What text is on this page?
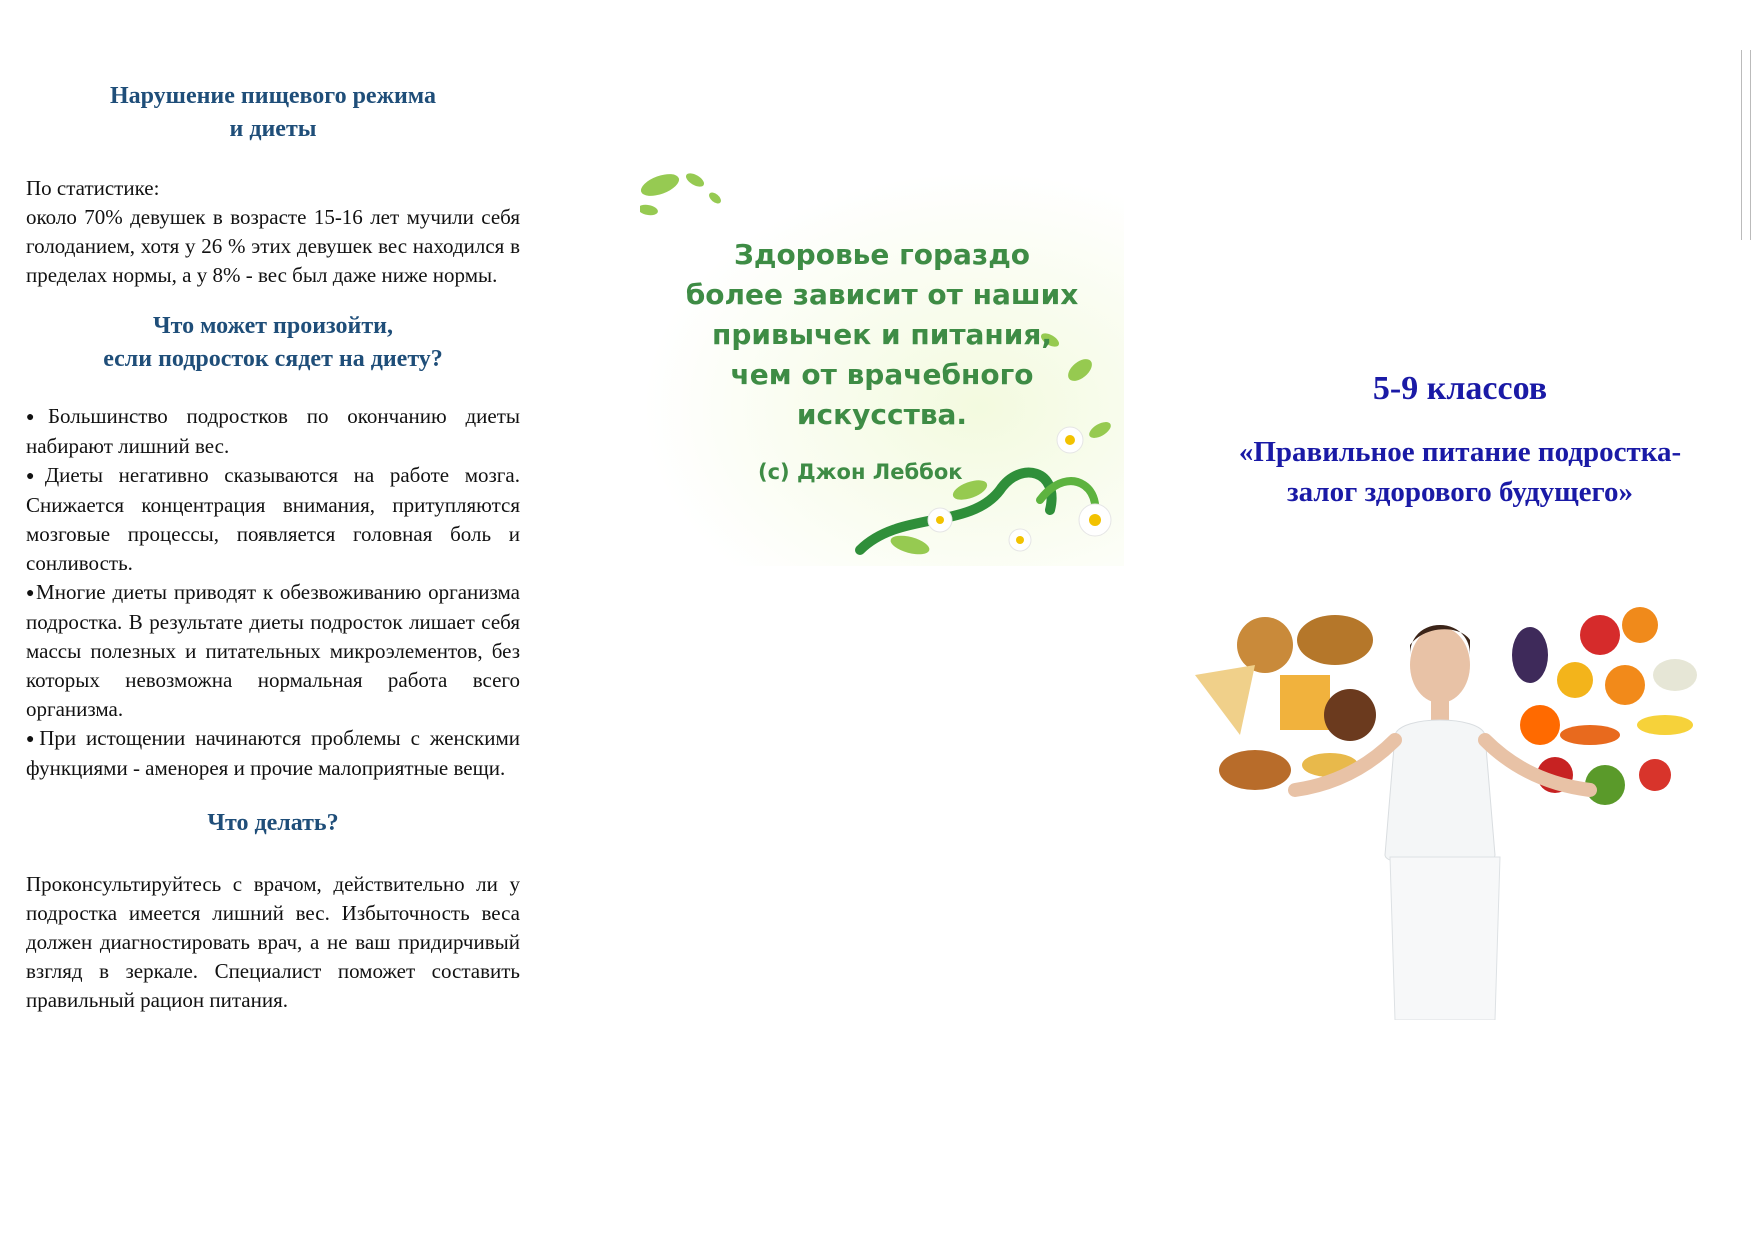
Нарушение пищевого режима
и диеты

По статистике:

около 70% девушек в возрасте 15-16 лет мучили себя голоданием, хотя у 26 % этих девушек вес находился в пределах нормы, а у 8% - вес был даже ниже нормы.

Что может произойти,
если подросток сядет на диету?

●Большинство подростков по окончанию диеты набирают лишний вес.
●Диеты негативно сказываются на работе мозга. Снижается концентрация внимания, притупляются мозговые процессы, появляется головная боль и сонливость.
●Многие диеты приводят к обезвоживанию организма подростка. В результате диеты подросток лишает себя массы полезных и питательных микроэлементов, без которых невозможна нормальная работа всего организма.
●При истощении начинаются проблемы с женскими функциями - аменорея и прочие малоприятные вещи.

Что делать?

Проконсультируйтесь с врачом, действительно ли у подростка имеется лишний вес. Избыточность веса должен диагностировать врач, а не ваш придирчивый взгляд в зеркале. Специалист поможет составить правильный рацион питания.

Здоровье гораздо
более зависит от наших
привычек и питания,
чем от врачебного
искусства.
(с) Джон Леббок
5-9 классов
«Правильное питание подростка-
залог здорового будущего»
